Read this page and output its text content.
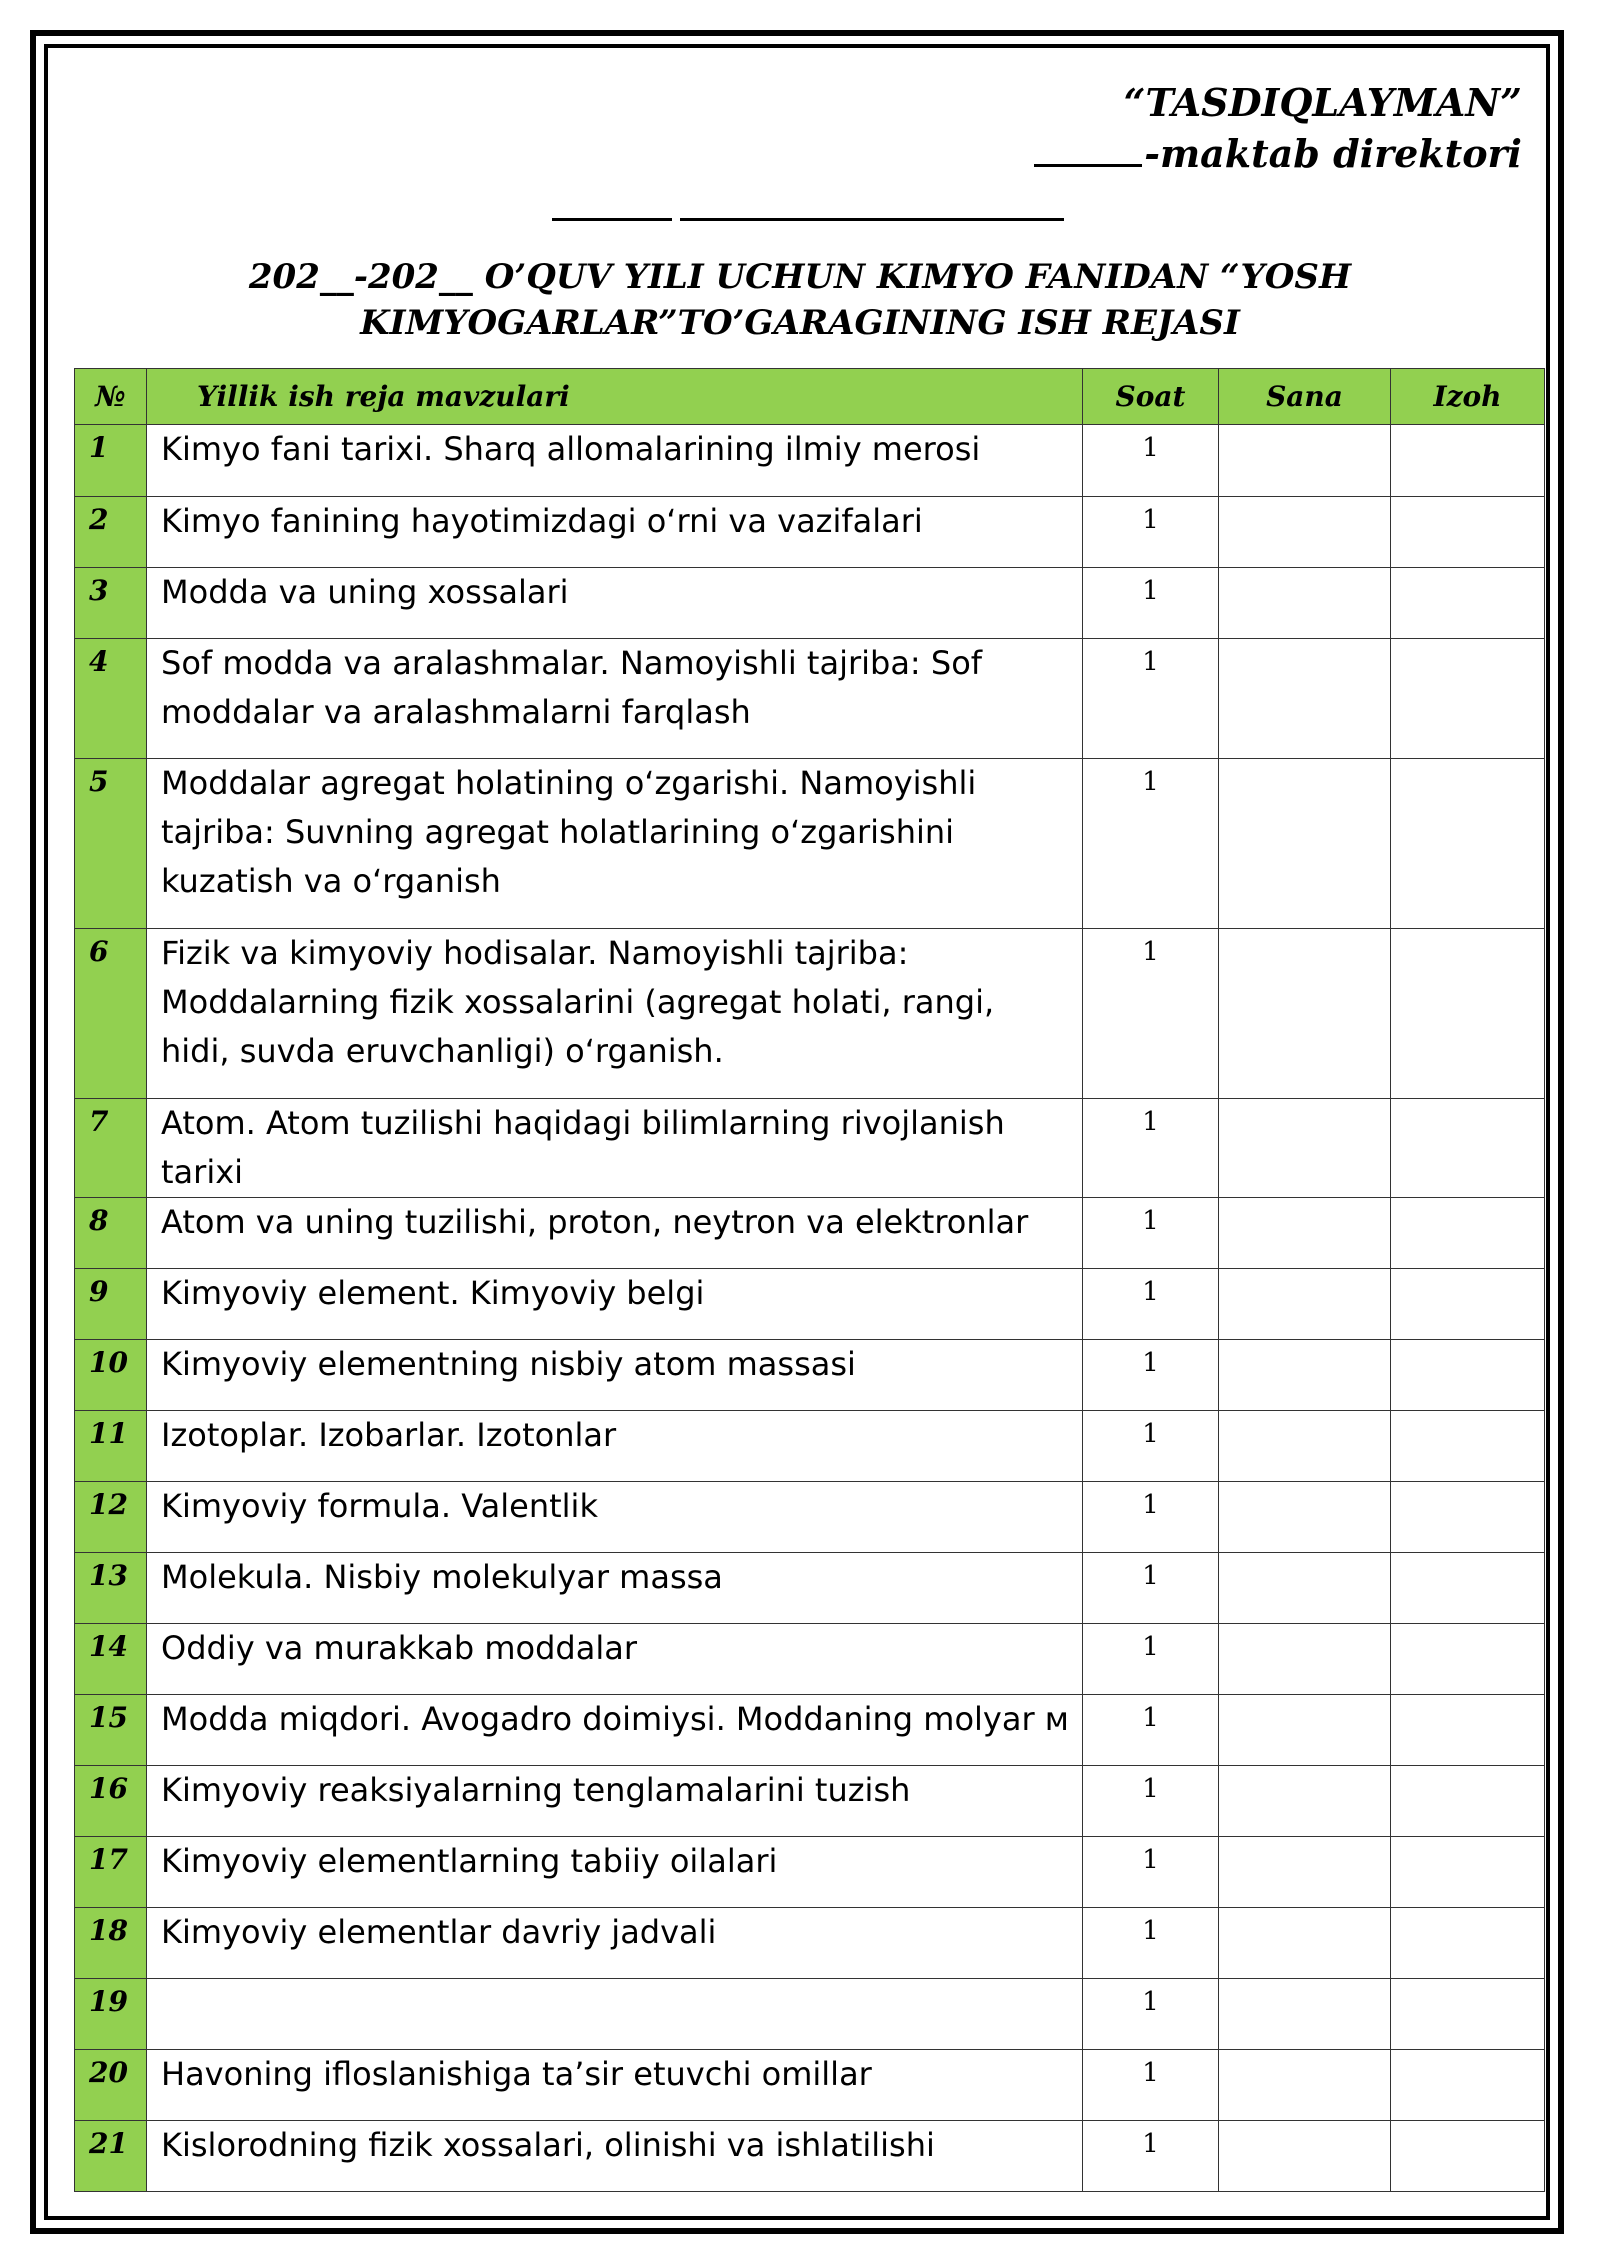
“TASDIQLAYMAN”
-maktab direktori
202__-202__ O’QUV YILI UCHUN KIMYO FANIDAN “YOSH
KIMYOGARLAR”TO’GARAGINING ISH REJASI
№	Yillik ish reja mavzulari	Soat	Sana	Izoh
1	Kimyo fani tarixi. Sharq allomalarining ilmiy merosi	1		
2	Kimyo fanining hayotimizdagi oʻrni va vazifalari	1		
3	Modda va uning xossalari	1		
4	Sof modda va aralashmalar. Namoyishli tajriba: Sof moddalar va aralashmalarni farqlash	1		
5	Moddalar agregat holatining oʻzgarishi. Namoyishli tajriba: Suvning agregat holatlarining oʻzgarishini kuzatish va oʻrganish	1		
6	Fizik va kimyoviy hodisalar. Namoyishli tajriba: Moddalarning fizik xossalarini (agregat holati, rangi, hidi, suvda eruvchanligi) oʻrganish.	1		
7	Atom. Atom tuzilishi haqidagi bilimlarning rivojlanish tarixi	1		
8	Atom va uning tuzilishi, proton, neytron va elektronlar	1		
9	Kimyoviy element. Kimyoviy belgi	1		
10	Kimyoviy elementning nisbiy atom massasi	1		
11	Izotoplar. Izobarlar. Izotonlar	1		
12	Kimyoviy formula. Valentlik	1		
13	Molekula. Nisbiy molekulyar massa	1		
14	Oddiy va murakkab moddalar	1		
15	Modda miqdori. Avogadro doimiysi. Moddaning molyar м	1		
16	Kimyoviy reaksiyalarning tenglamalarini tuzish	1		
17	Kimyoviy elementlarning tabiiy oilalari	1		
18	Kimyoviy elementlar davriy jadvali	1		
19		1		
20	Havoning ifloslanishiga ta’sir etuvchi omillar	1		
21	Kislorodning fizik xossalari, olinishi va ishlatilishi	1		
